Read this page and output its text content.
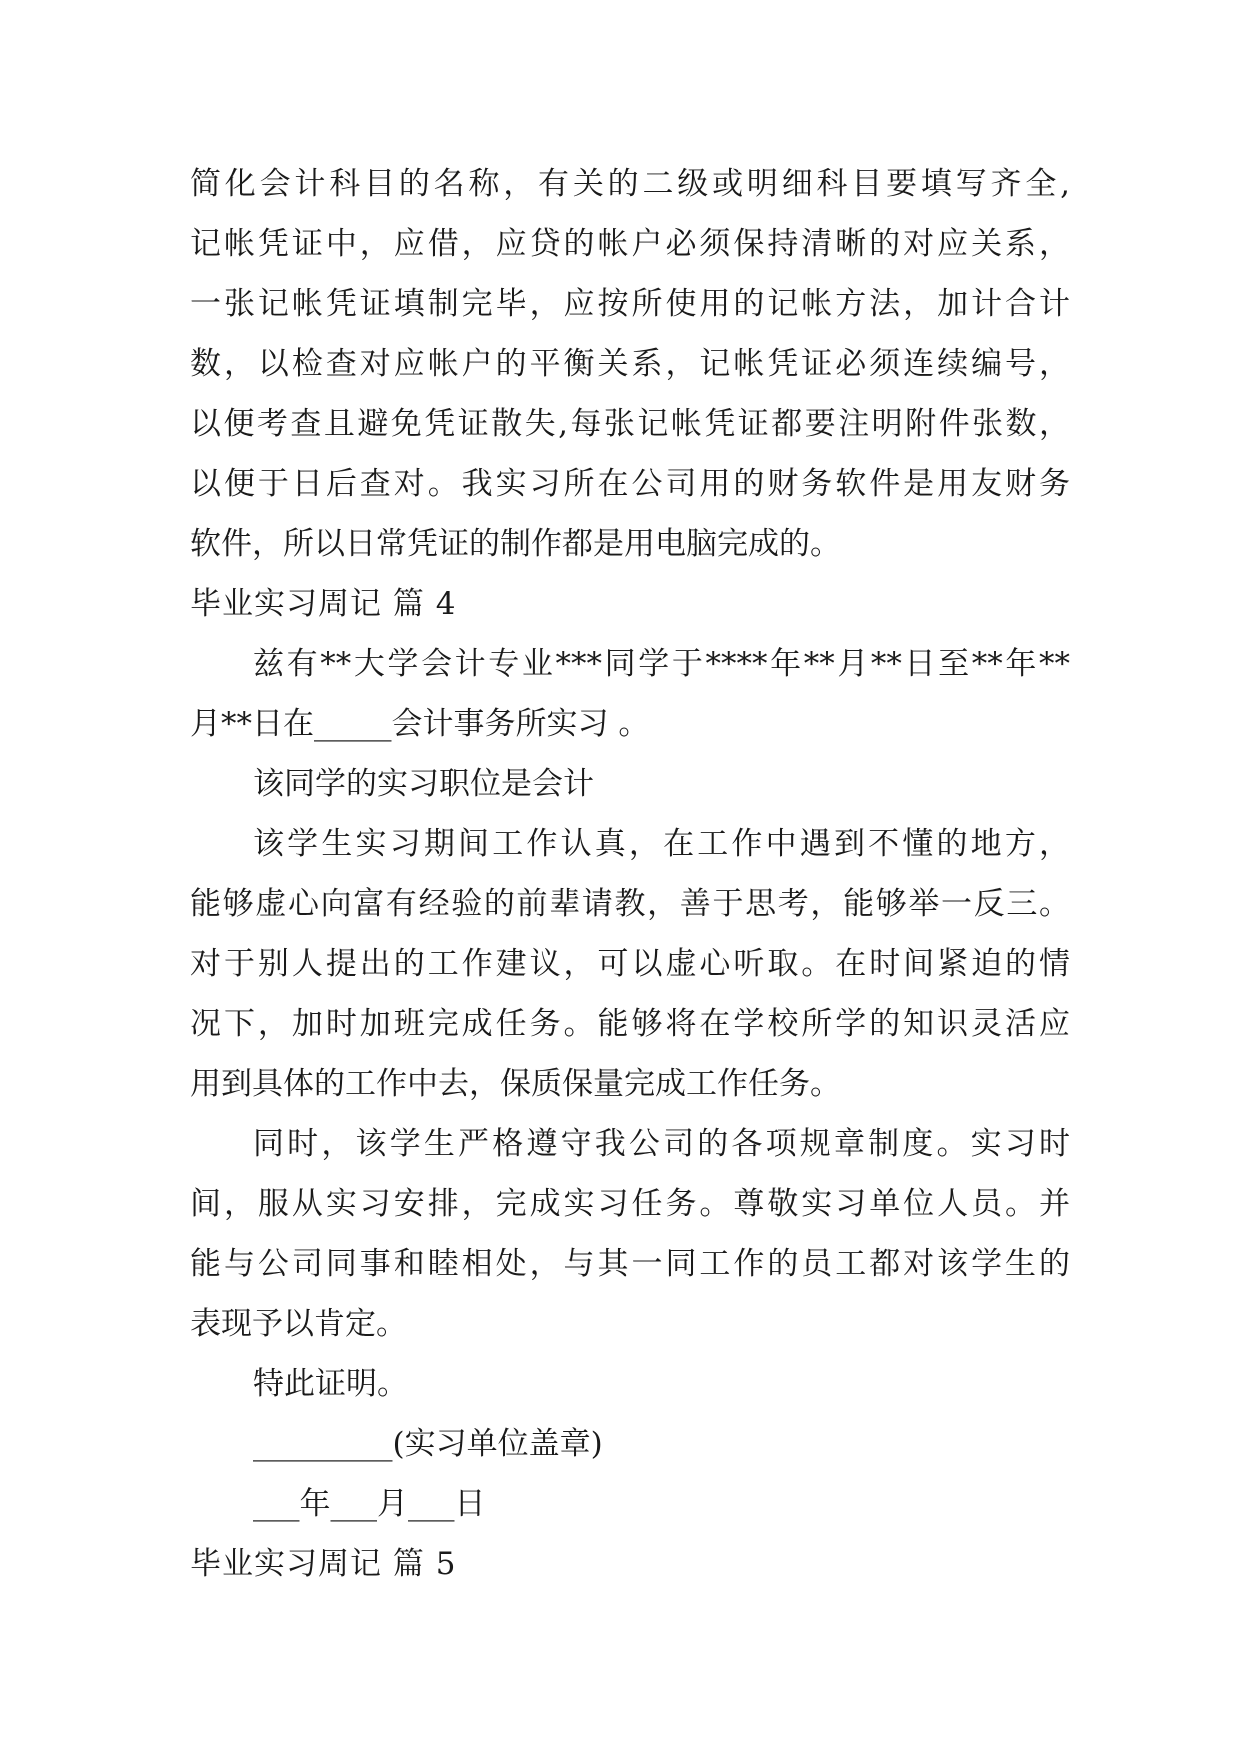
简化会计科目的名称，有关的二级或明细科目要填写齐全,
记帐凭证中，应借，应贷的帐户必须保持清晰的对应关系，
一张记帐凭证填制完毕，应按所使用的记帐方法，加计合计
数，以检查对应帐户的平衡关系，记帐凭证必须连续编号，
以便考查且避免凭证散失,每张记帐凭证都要注明附件张数，
以便于日后查对。我实习所在公司用的财务软件是用友财务
软件，所以日常凭证的制作都是用电脑完成的。
毕业实习周记 篇 4
兹有**大学会计专业***同学于****年**月**日至**年**
月**日在_____会计事务所实习 。
该同学的实习职位是会计
该学生实习期间工作认真，在工作中遇到不懂的地方，
能够虚心向富有经验的前辈请教，善于思考，能够举一反三。
对于别人提出的工作建议，可以虚心听取。在时间紧迫的情
况下，加时加班完成任务。能够将在学校所学的知识灵活应
用到具体的工作中去，保质保量完成工作任务。
同时，该学生严格遵守我公司的各项规章制度。实习时
间，服从实习安排，完成实习任务。尊敬实习单位人员。并
能与公司同事和睦相处，与其一同工作的员工都对该学生的
表现予以肯定。
特此证明。
_________(实习单位盖章)
___年___月___日
毕业实习周记 篇 5
